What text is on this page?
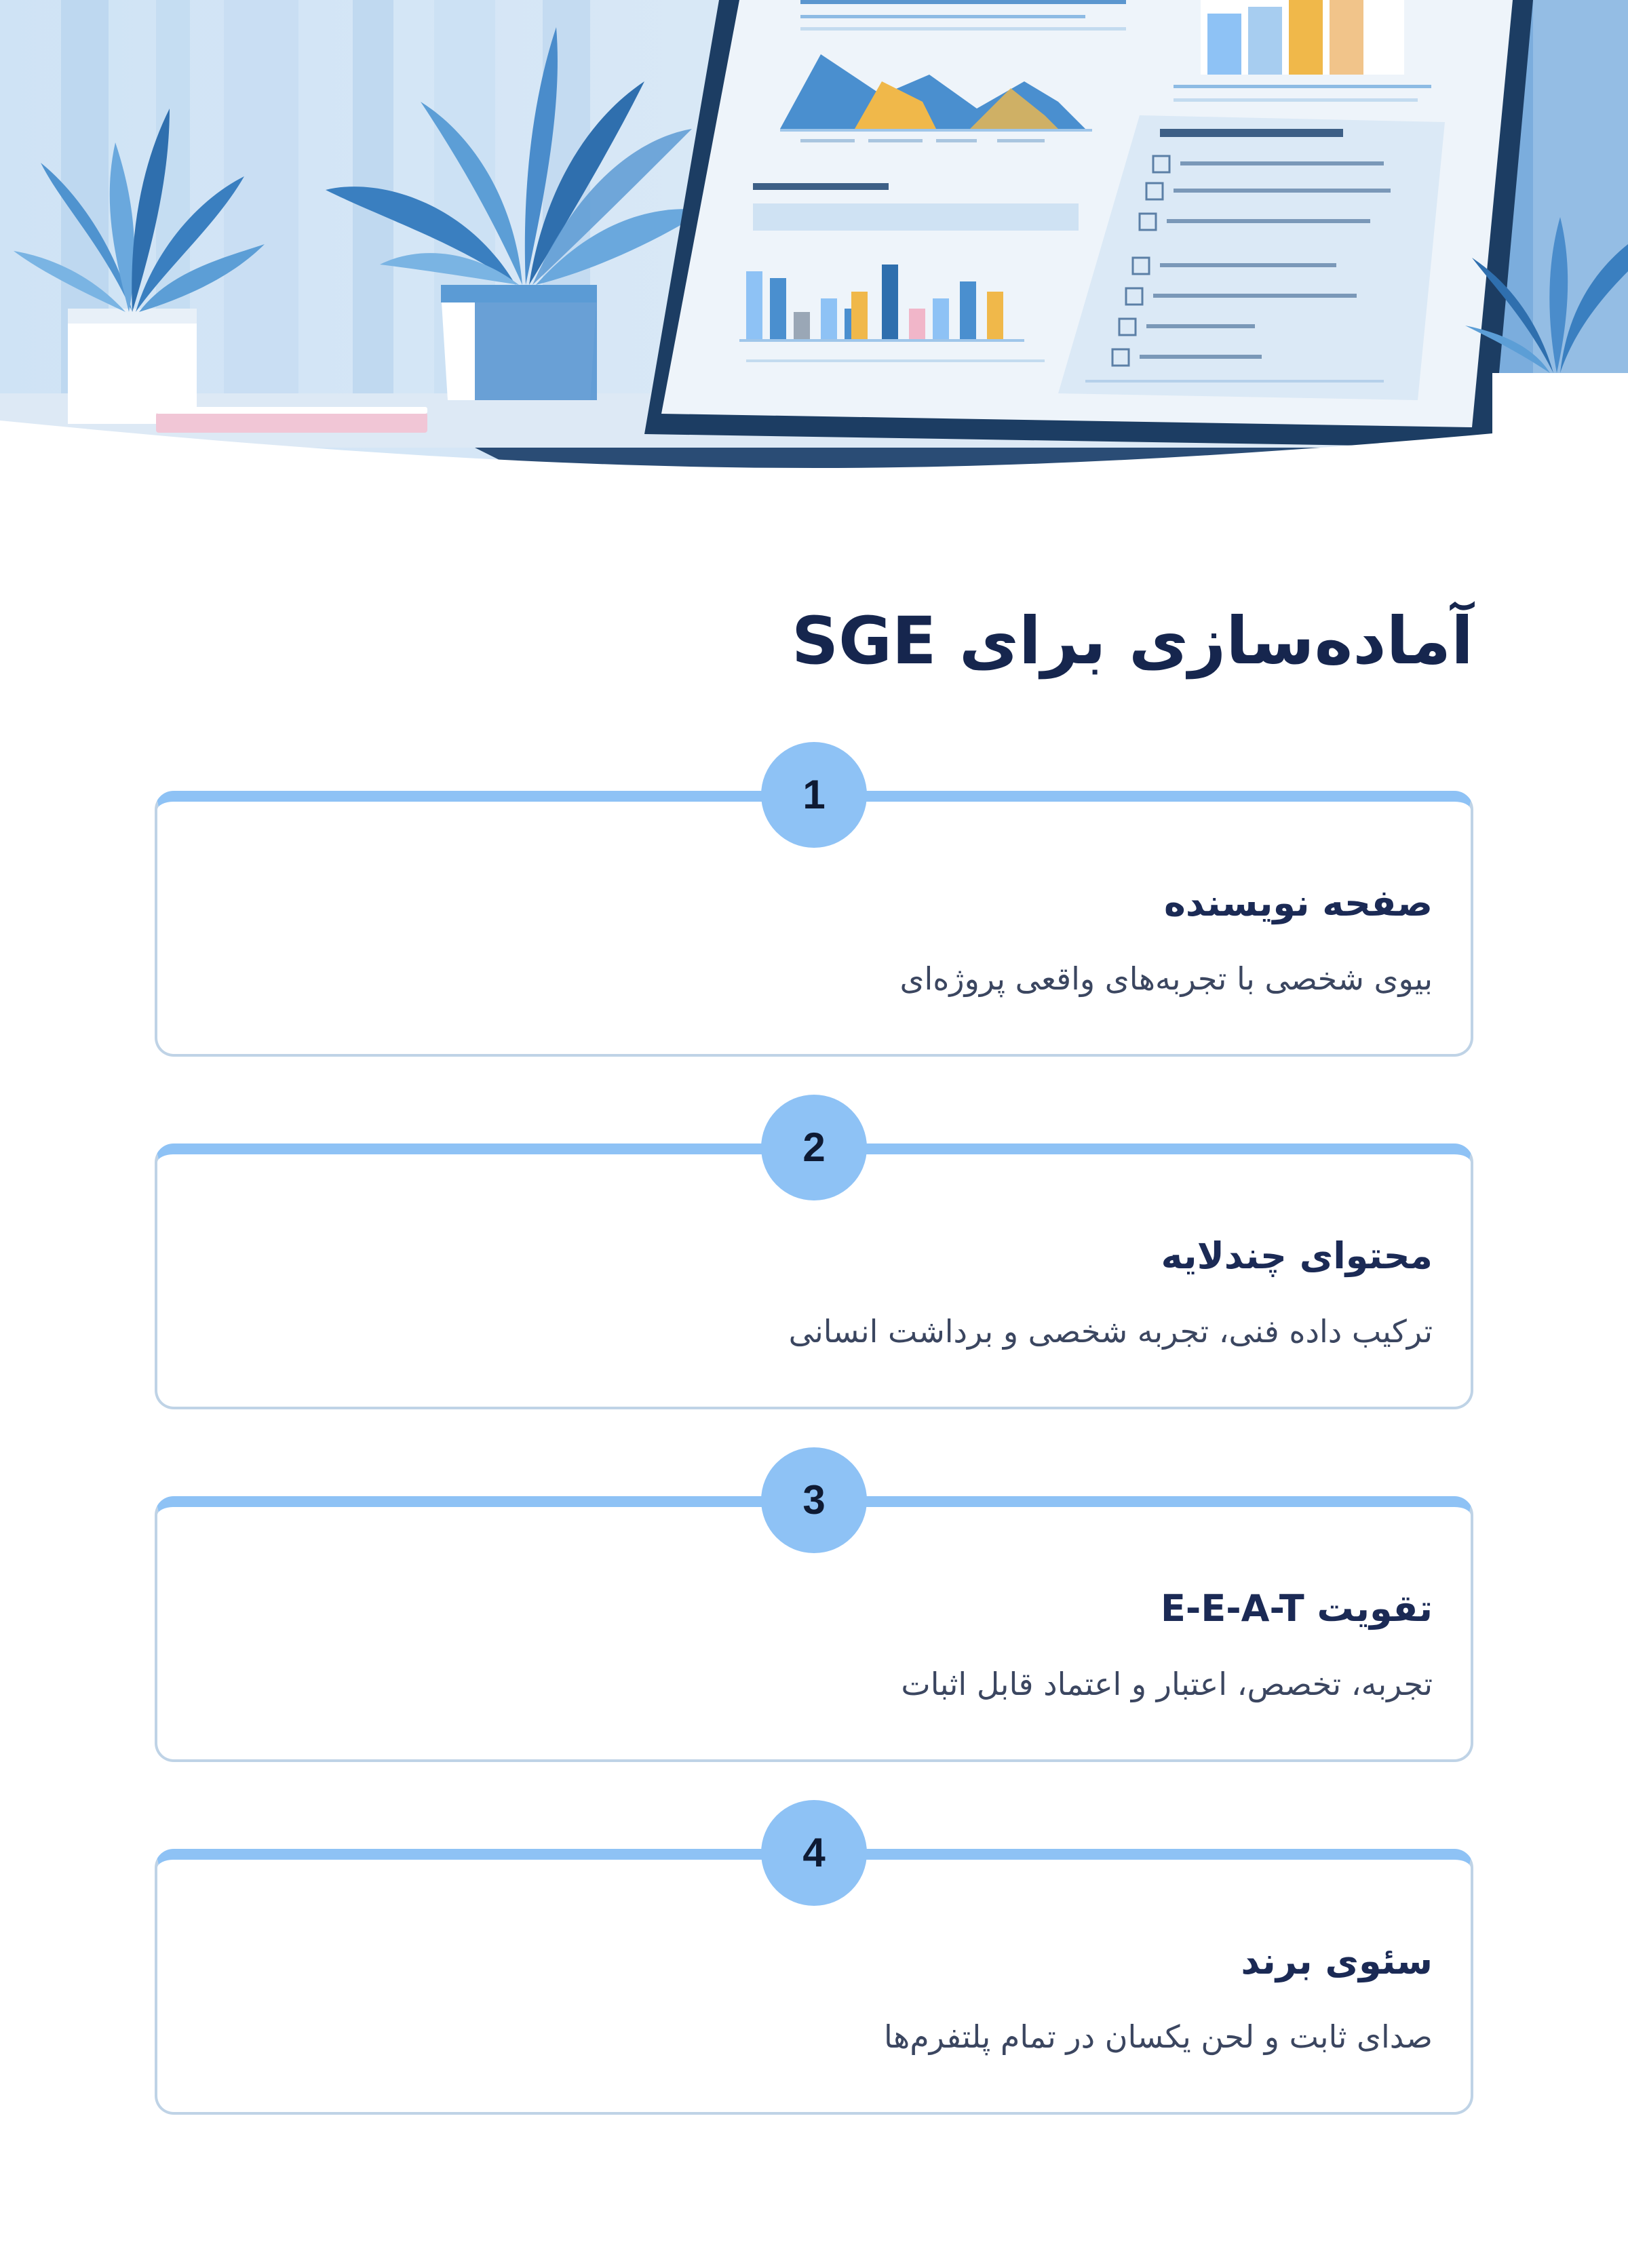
آماده‌سازی برای SGE
1
صفحه نویسنده

بیوی شخصی با تجربه‌های واقعی پروژه‌ای

2
محتوای چندلایه

ترکیب داده فنی، تجربه شخصی و برداشت انسانی

3
تقویت E-E-A-T

تجربه، تخصص، اعتبار و اعتماد قابل اثبات

4
سئوی برند

صدای ثابت و لحن یکسان در تمام پلتفرم‌ها
